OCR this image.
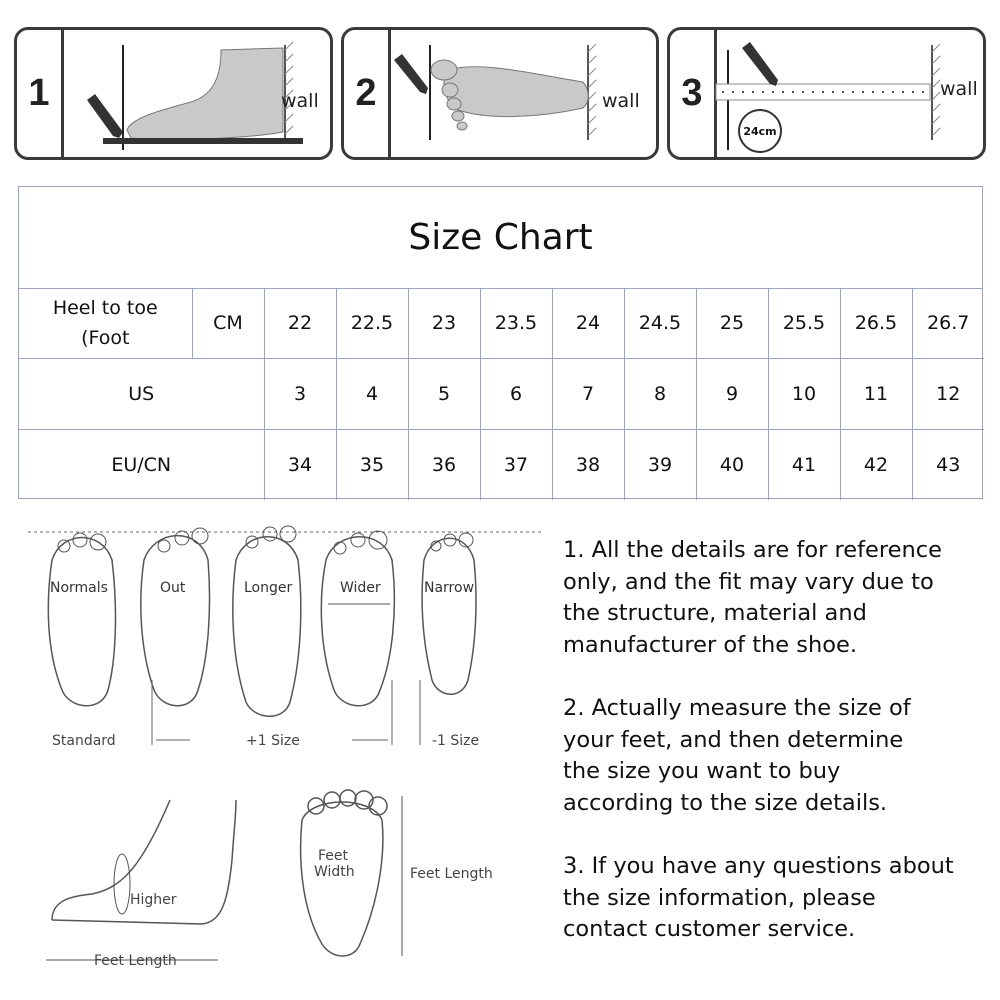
1	wall 2	wall 3	wall
24cm
Size Chart
Heel to toe
(Foot	CM	22	22.5	23	23.5	24	24.5	25	25.5	26.5	26.7
US		3	4	5	6	7	8	9	10	11	12
EU/CN		34	35	36	37	38	39	40	41	42	43
Normals	Out	Longer	Wider	Narrow
Standard	+1 Size	-1 Size
Higher
Feet Length
Feet
Width	Feet Length

1. All the details are for reference
only, and the fit may vary due to
the structure, material and
manufacturer of the shoe.

2. Actually measure the size of
your feet, and then determine
the size you want to buy
according to the size details.

3. If you have any questions about
the size information, please
contact customer service.
